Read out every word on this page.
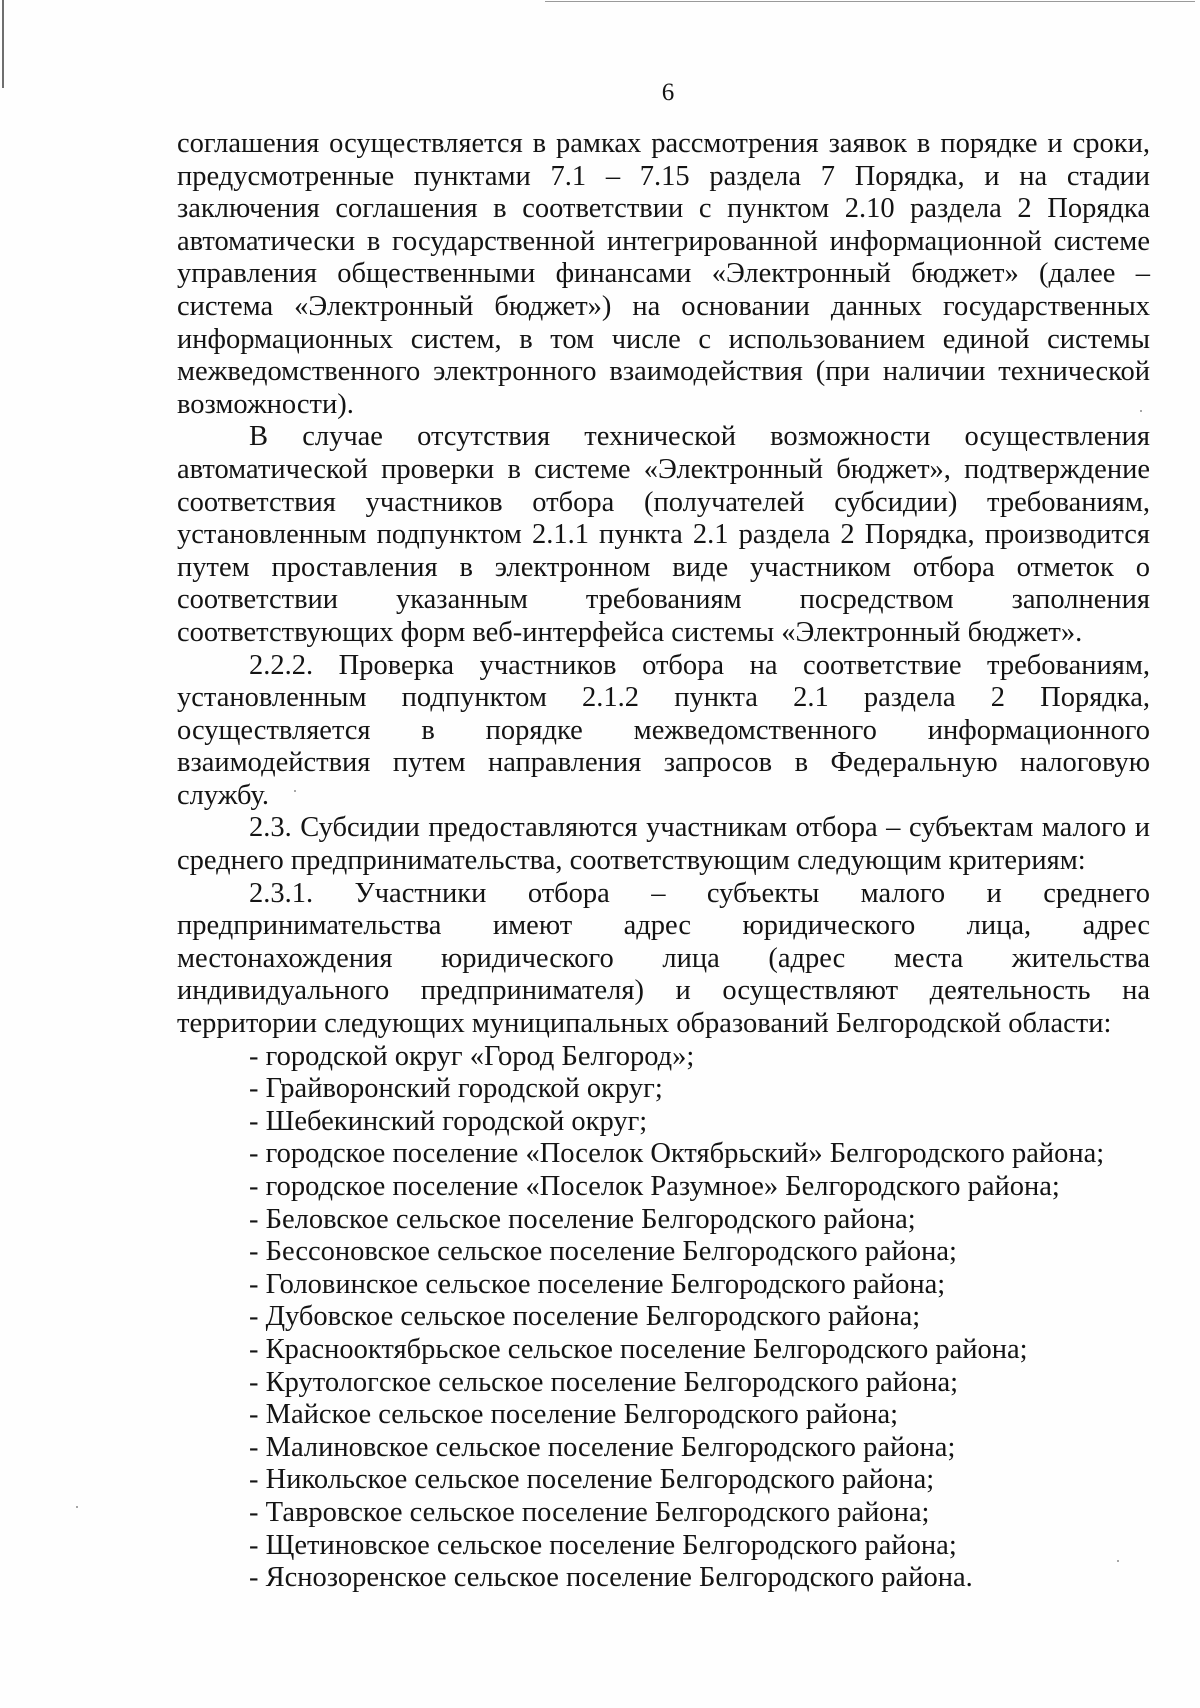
6

соглашения осуществляется в рамках рассмотрения заявок в порядке и сроки, предусмотренные пунктами 7.1 – 7.15 раздела 7 Порядка, и на стадии заключения соглашения в соответствии с пунктом 2.10 раздела 2 Порядка автоматически в государственной интегрированной информационной системе управления общественными финансами «Электронный бюджет» (далее – система «Электронный бюджет») на основании данных государственных информационных систем, в том числе с использованием единой системы межведомственного электронного взаимодействия (при наличии технической возможности).

В случае отсутствия технической возможности осуществления автоматической проверки в системе «Электронный бюджет», подтверждение соответствия участников отбора (получателей субсидии) требованиям, установленным подпунктом 2.1.1 пункта 2.1 раздела 2 Порядка, производится путем проставления в электронном виде участником отбора отметок о соответствии указанным требованиям посредством заполнения соответствующих форм веб-интерфейса системы «Электронный бюджет».

2.2.2. Проверка участников отбора на соответствие требованиям, установленным подпунктом 2.1.2 пункта 2.1 раздела 2 Порядка, осуществляется в порядке межведомственного информационного взаимодействия путем направления запросов в Федеральную налоговую службу.

2.3. Субсидии предоставляются участникам отбора – субъектам малого и среднего предпринимательства, соответствующим следующим критериям:

2.3.1. Участники отбора – субъекты малого и среднего предпринимательства имеют адрес юридического лица, адрес местонахождения юридического лица (адрес места жительства индивидуального предпринимателя) и осуществляют деятельность на территории следующих муниципальных образований Белгородской области:

- городской округ «Город Белгород»;
- Грайворонский городской округ;
- Шебекинский городской округ;
- городское поселение «Поселок Октябрьский» Белгородского района;
- городское поселение «Поселок Разумное» Белгородского района;
- Беловское сельское поселение Белгородского района;
- Бессоновское сельское поселение Белгородского района;
- Головинское сельское поселение Белгородского района;
- Дубовское сельское поселение Белгородского района;
- Краснооктябрьское сельское поселение Белгородского района;
- Крутологское сельское поселение Белгородского района;
- Майское сельское поселение Белгородского района;
- Малиновское сельское поселение Белгородского района;
- Никольское сельское поселение Белгородского района;
- Тавровское сельское поселение Белгородского района;
- Щетиновское сельское поселение Белгородского района;
- Яснозоренское сельское поселение Белгородского района.
